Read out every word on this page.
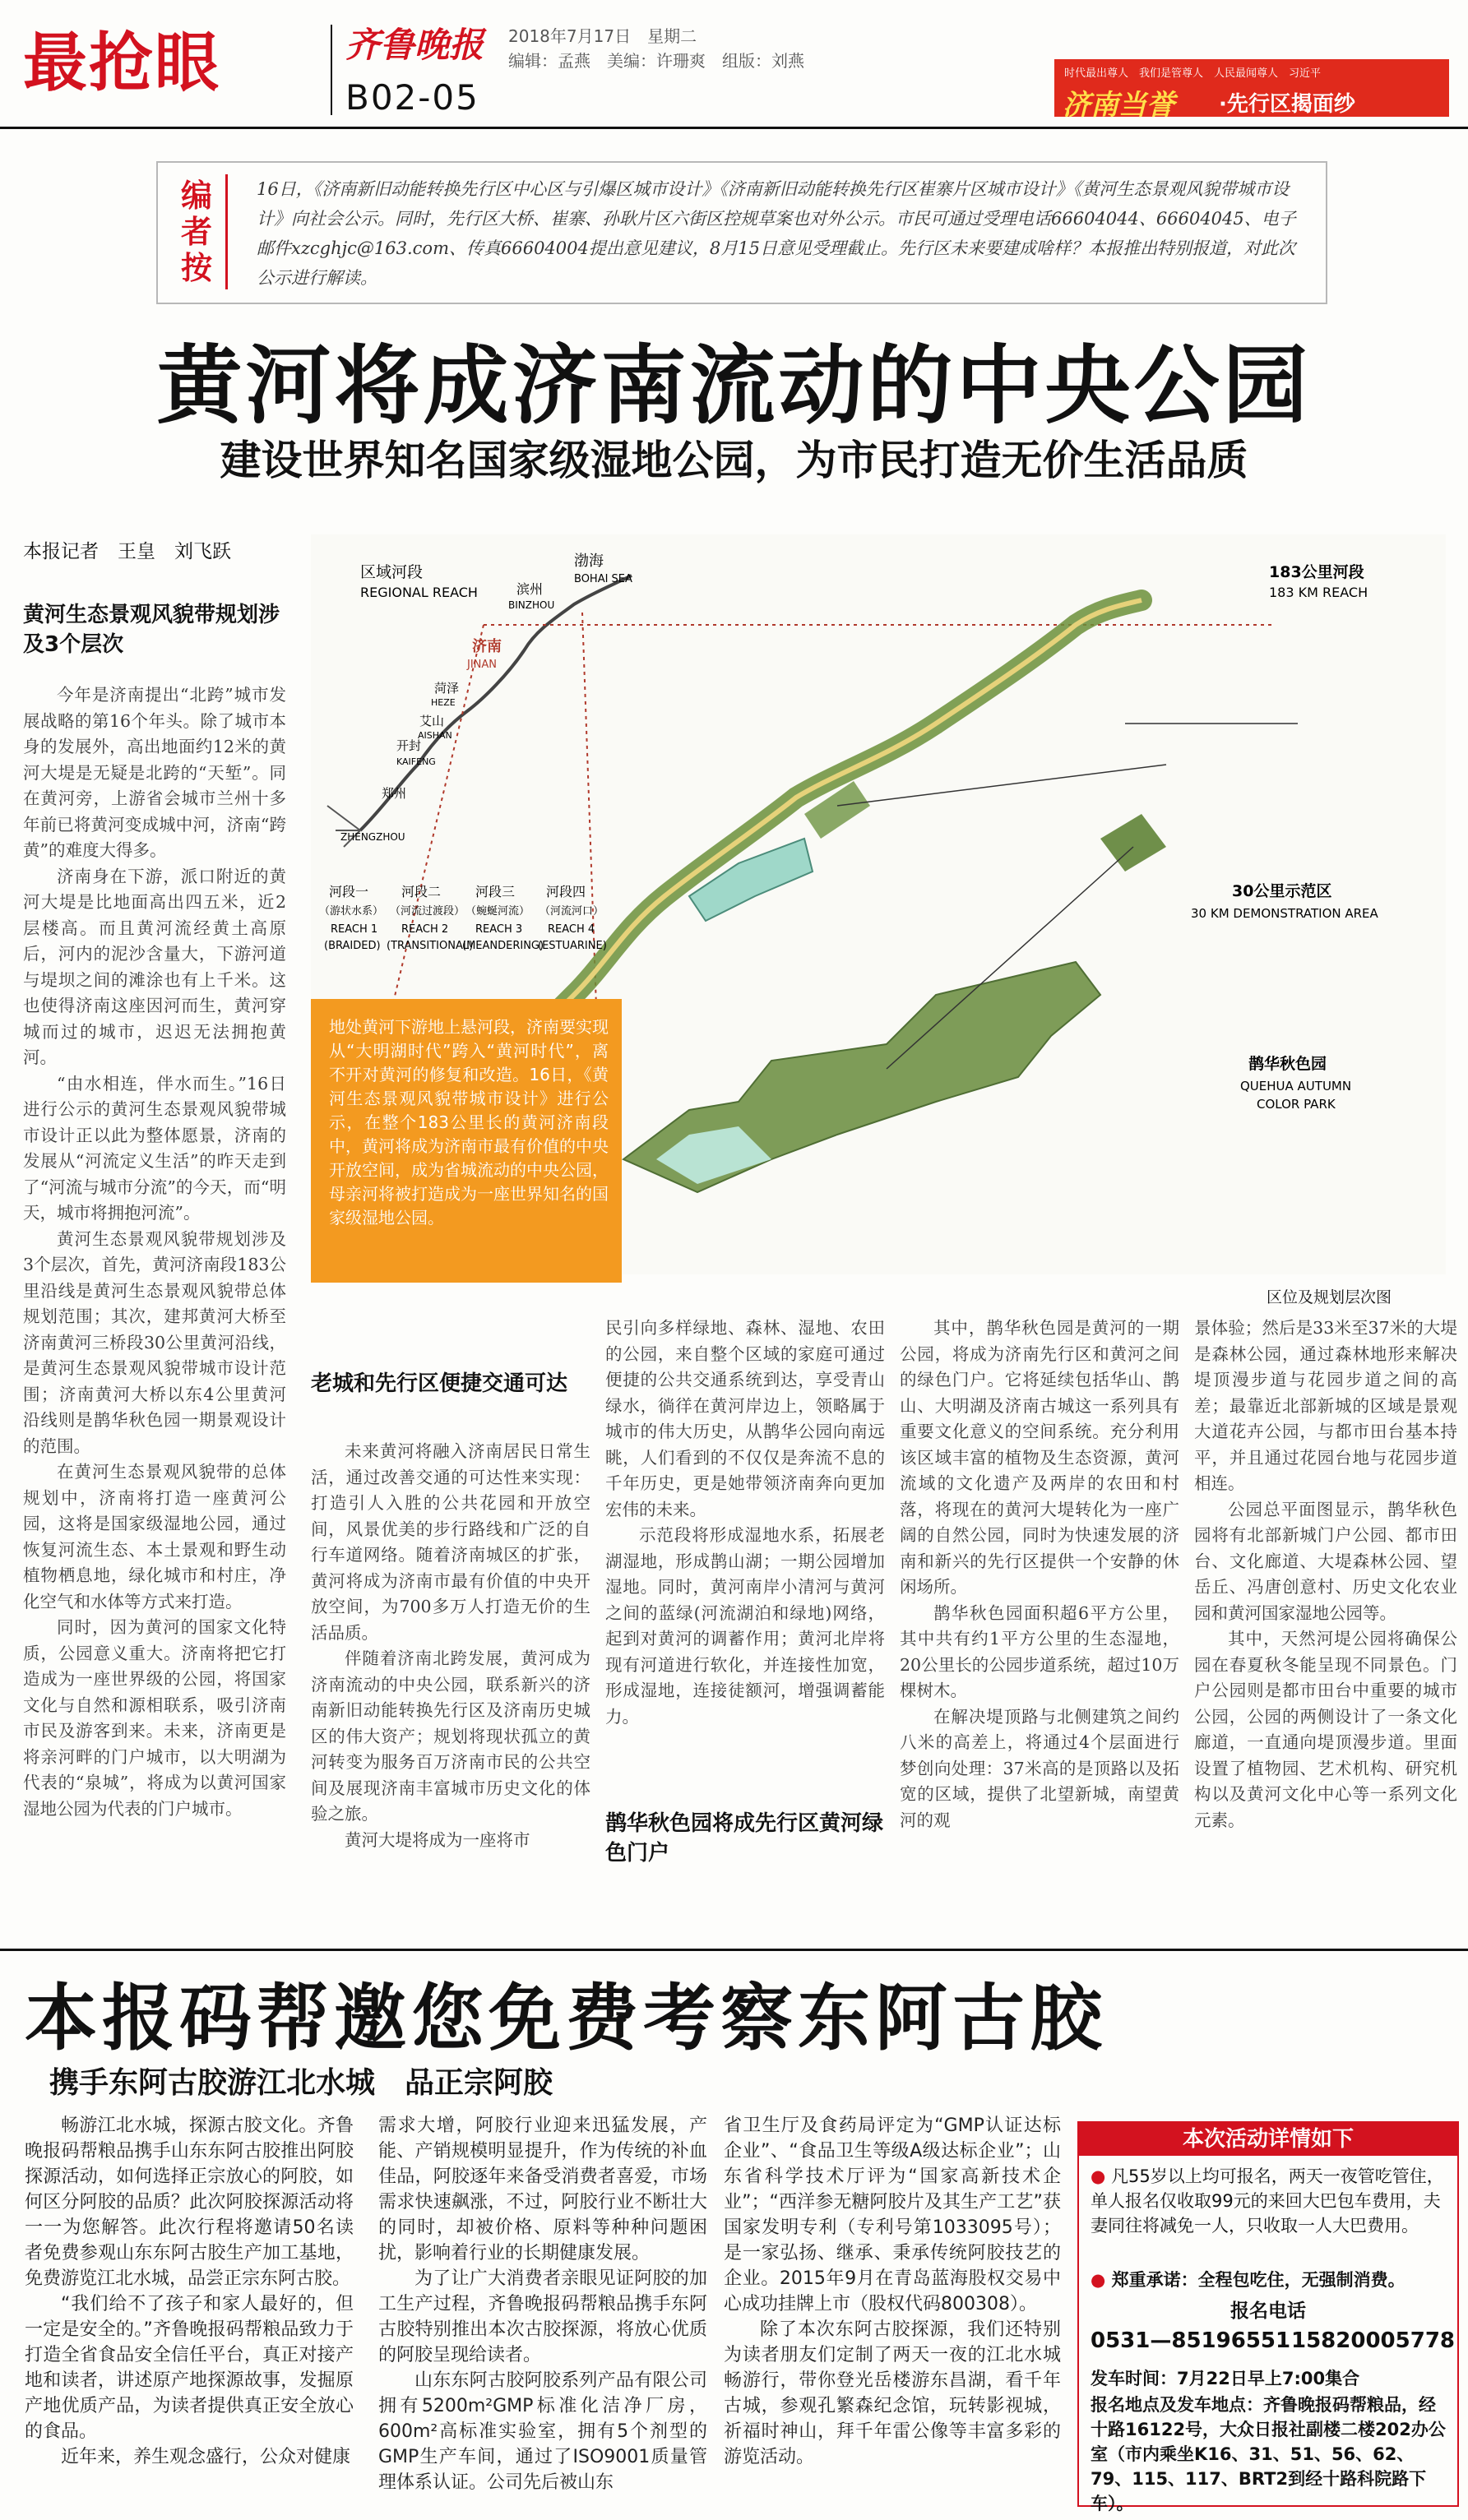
最抢眼	齐鲁晚报
B02-05
2018年7月17日　星期二
编辑：孟燕　美编：许珊爽　组版：刘燕
时代最出尊人　我们是管尊人　人民最闻尊人　习近平
济南当誉 ·先行区揭面纱
编者按
16日，《济南新旧动能转换先行区中心区与引爆区城市设计》《济南新旧动能转换先行区崔寨片区城市设计》《黄河生态景观风貌带城市设计》向社会公示。同时，先行区大桥、崔寨、孙耿片区六街区控规草案也对外公示。市民可通过受理电话66604044、66604045、电子邮件xzcghjc@163.com、传真66604004提出意见建议，8月15日意见受理截止。先行区未来要建成啥样？本报推出特别报道，对此次公示进行解读。
黄河将成济南流动的中央公园
建设世界知名国家级湿地公园，为市民打造无价生活品质
本报记者　王皇　刘飞跃
黄河生态景观风貌带规划涉及3个层次

今年是济南提出“北跨”城市发展战略的第16个年头。除了城市本身的发展外，高出地面约12米的黄河大堤是无疑是北跨的“天堑”。同在黄河旁，上游省会城市兰州十多年前已将黄河变成城中河，济南“跨黄”的难度大得多。

济南身在下游，派口附近的黄河大堤是比地面高出四五米，近2层楼高。而且黄河流经黄土高原后，河内的泥沙含量大，下游河道与堤坝之间的滩涂也有上千米。这也使得济南这座因河而生，黄河穿城而过的城市，迟迟无法拥抱黄河。

“由水相连，伴水而生。”16日进行公示的黄河生态景观风貌带城市设计正以此为整体愿景，济南的发展从“河流定义生活”的昨天走到了“河流与城市分流”的今天，而“明天，城市将拥抱河流”。

黄河生态景观风貌带规划涉及3个层次，首先，黄河济南段183公里沿线是黄河生态景观风貌带总体规划范围；其次，建邦黄河大桥至济南黄河三桥段30公里黄河沿线，是黄河生态景观风貌带城市设计范围；济南黄河大桥以东4公里黄河沿线则是鹊华秋色园一期景观设计的范围。

在黄河生态景观风貌带的总体规划中，济南将打造一座黄河公园，这将是国家级湿地公园，通过恢复河流生态、本土景观和野生动植物栖息地，绿化城市和村庄，净化空气和水体等方式来打造。

同时，因为黄河的国家文化特质，公园意义重大。济南将把它打造成为一座世界级的公园，将国家文化与自然和源相联系，吸引济南市民及游客到来。未来，济南更是将亲河畔的门户城市，以大明湖为代表的“泉城”，将成为以黄河国家湿地公园为代表的门户城市。

区域河段
REGIONAL REACH
183公里河段
183 KM REACH
30公里示范区
30 KM DEMONSTRATION AREA
鹊华秋色园
QUEHUA AUTUMN
COLOR PARK
渤海
BOHAI SEA
滨州
BINZHOU
济南
JINAN
菏泽
HEZE
艾山
AISHAN
开封
KAIFENG
郑州
ZHENGZHOU
河段一
（游状水系）
REACH 1
(BRAIDED)
河段二
（河流过渡段）
REACH 2
(TRANSITIONAL)
河段三
（蜿蜒河流）
REACH 3
(MEANDERING)
河段四
（河流河口）
REACH 4
(ESTUARINE)
区位及规划层次图
地处黄河下游地上悬河段，济南要实现从“大明湖时代”跨入“黄河时代”，离不开对黄河的修复和改造。16日，《黄河生态景观风貌带城市设计》进行公示，在整个183公里长的黄河济南段中，黄河将成为济南市最有价值的中央开放空间，成为省城流动的中央公园，母亲河将被打造成为一座世界知名的国家级湿地公园。
老城和先行区便捷交通可达

未来黄河将融入济南居民日常生活，通过改善交通的可达性来实现：打造引人入胜的公共花园和开放空间，风景优美的步行路线和广泛的自行车道网络。随着济南城区的扩张，黄河将成为济南市最有价值的中央开放空间，为700多万人打造无价的生活品质。

伴随着济南北跨发展，黄河成为济南流动的中央公园，联系新兴的济南新旧动能转换先行区及济南历史城区的伟大资产；规划将现状孤立的黄河转变为服务百万济南市民的公共空间及展现济南丰富城市历史文化的体验之旅。

黄河大堤将成为一座将市

民引向多样绿地、森林、湿地、农田的公园，来自整个区域的家庭可通过便捷的公共交通系统到达，享受青山绿水，徜徉在黄河岸边上，领略属于城市的伟大历史，从鹊华公园向南远眺，人们看到的不仅仅是奔流不息的千年历史，更是她带领济南奔向更加宏伟的未来。

示范段将形成湿地水系，拓展老湖湿地，形成鹊山湖；一期公园增加湿地。同时，黄河南岸小清河与黄河之间的蓝绿(河流湖泊和绿地)网络，起到对黄河的调蓄作用；黄河北岸将现有河道进行软化，并连接性加宽，形成湿地，连接徒额河，增强调蓄能力。

鹊华秋色园将成先行区黄河绿色门户

其中，鹊华秋色园是黄河的一期公园，将成为济南先行区和黄河之间的绿色门户。它将延续包括华山、鹊山、大明湖及济南古城这一系列具有重要文化意义的空间系统。充分利用该区域丰富的植物及生态资源，黄河流域的文化遗产及两岸的农田和村落，将现在的黄河大堤转化为一座广阔的自然公园，同时为快速发展的济南和新兴的先行区提供一个安静的休闲场所。

鹊华秋色园面积超6平方公里，其中共有约1平方公里的生态湿地，20公里长的公园步道系统，超过10万棵树木。

在解决堤顶路与北侧建筑之间约八米的高差上，将通过4个层面进行梦创向处理：37米高的是顶路以及拓宽的区域，提供了北望新城，南望黄河的观

景体验；然后是33米至37米的大堤是森林公园，通过森林地形来解决堤顶漫步道与花园步道之间的高差；最靠近北部新城的区域是景观大道花卉公园，与都市田台基本持平，并且通过花园台地与花园步道相连。

公园总平面图显示，鹊华秋色园将有北部新城门户公园、都市田台、文化廊道、大堤森林公园、望岳丘、冯唐创意村、历史文化农业园和黄河国家湿地公园等。

其中，天然河堤公园将确保公园在春夏秋冬能呈现不同景色。门户公园则是都市田台中重要的城市公园，公园的两侧设计了一条文化廊道，一直通向堤顶漫步道。里面设置了植物园、艺术机构、研究机构以及黄河文化中心等一系列文化元素。

本报码帮邀您免费考察东阿古胶
携手东阿古胶游江北水城　品正宗阿胶

畅游江北水城，探源古胶文化。齐鲁晚报码帮粮品携手山东东阿古胶推出阿胶探源活动，如何选择正宗放心的阿胶，如何区分阿胶的品质？此次阿胶探源活动将一一为您解答。此次行程将邀请50名读者免费参观山东东阿古胶生产加工基地，免费游览江北水城，品尝正宗东阿古胶。

“我们给不了孩子和家人最好的，但一定是安全的。”齐鲁晚报码帮粮品致力于打造全省食品安全信任平台，真正对接产地和读者，讲述原产地探源故事，发掘原产地优质产品，为读者提供真正安全放心的食品。

近年来，养生观念盛行，公众对健康

需求大增，阿胶行业迎来迅猛发展，产能、产销规模明显提升，作为传统的补血佳品，阿胶逐年来备受消费者喜爱，市场需求快速飙涨，不过，阿胶行业不断壮大的同时，却被价格、原料等种种问题困扰，影响着行业的长期健康发展。

为了让广大消费者亲眼见证阿胶的加工生产过程，齐鲁晚报码帮粮品携手东阿古胶特别推出本次古胶探源，将放心优质的阿胶呈现给读者。

山东东阿古胶阿胶系列产品有限公司拥有5200m²GMP标准化洁净厂房，600m²高标准实验室，拥有5个剂型的GMP生产车间，通过了ISO9001质量管理体系认证。公司先后被山东

省卫生厅及食药局评定为“GMP认证达标企业”、“食品卫生等级A级达标企业”；山东省科学技术厅评为“国家高新技术企业”；“西洋参无糖阿胶片及其生产工艺”获国家发明专利（专利号第1033095号）；是一家弘扬、继承、秉承传统阿胶技艺的企业。2015年9月在青岛蓝海股权交易中心成功挂牌上市（股权代码800308）。

除了本次东阿古胶探源，我们还特别为读者朋友们定制了两天一夜的江北水城畅游行，带你登光岳楼游东昌湖，看千年古城，参观孔繁森纪念馆，玩转影视城，祈福时神山，拜千年雷公像等丰富多彩的游览活动。

本次活动详情如下
● 凡55岁以上均可报名，两天一夜管吃管住，单人报名仅收取99元的来回大巴包车费用，夫妻同往将减免一人，只收取一人大巴费用。
● 郑重承诺：全程包吃住，无强制消费。
报名电话
0531—85196551 15820005778
发车时间：7月22日早上7:00集合
报名地点及发车地点：齐鲁晚报码帮粮品，经十路16122号，大众日报社副楼二楼202办公室（市内乘坐K16、31、51、56、62、79、115、117、BRT2到经十路科院路下车）。
